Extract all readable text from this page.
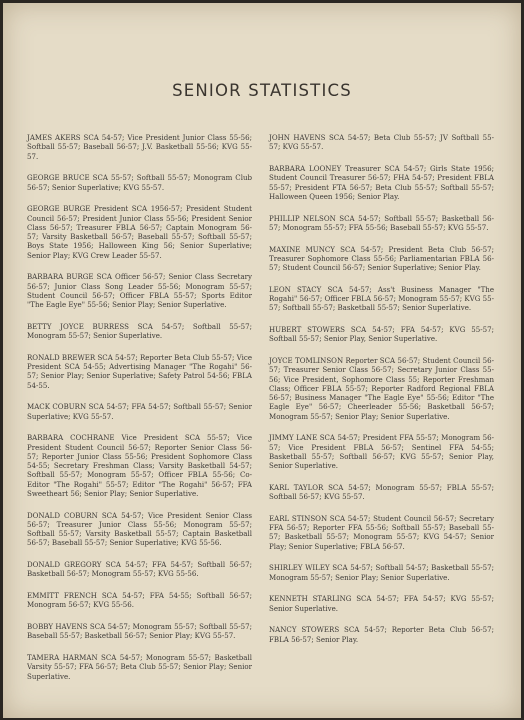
SENIOR STATISTICS

JAMES AKERS SCA 54-57; Vice President Junior Class 55-56; Softball 55-57; Baseball 56-57; J.V. Basketball 55-56; KVG 55-57.

GEORGE BRUCE SCA 55-57; Softball 55-57; Monogram Club 56-57; Senior Superlative; KVG 55-57.

GEORGE BURGE President SCA 1956-57; President Student Council 56-57; President Junior Class 55-56; President Senior Class 56-57; Treasurer FBLA 56-57; Captain Monogram 56-57; Varsity Basketball 56-57; Baseball 55-57; Softball 55-57; Boys State 1956; Halloween King 56; Senior Superlative; Senior Play; KVG Crew Leader 55-57.

BARBARA BURGE SCA Officer 56-57; Senior Class Secretary 56-57; Junior Class Song Leader 55-56; Monogram 55-57; Student Council 56-57; Officer FBLA 55-57; Sports Editor "The Eagle Eye" 55-56; Senior Play; Senior Superlative.

BETTY JOYCE BURRESS SCA 54-57; Softball 55-57; Monogram 55-57; Senior Superlative.

RONALD BREWER SCA 54-57; Reporter Beta Club 55-57; Vice President SCA 54-55; Advertising Manager "The Rogahi" 56-57; Senior Play; Senior Superlative; Safety Patrol 54-56; FBLA 54-55.

MACK COBURN SCA 54-57; FFA 54-57; Softball 55-57; Senior Superlative; KVG 55-57.

BARBARA COCHRANE Vice President SCA 55-57; Vice President Student Council 56-57; Reporter Senior Class 56-57; Reporter Junior Class 55-56; President Sophomore Class 54-55; Secretary Freshman Class; Varsity Basketball 54-57; Softball 55-57; Monogram 55-57; Officer FBLA 55-56; Co-Editor "The Rogahi" 55-57; Editor "The Rogahi" 56-57; FFA Sweetheart 56; Senior Play; Senior Superlative.

DONALD COBURN SCA 54-57; Vice President Senior Class 56-57; Treasurer Junior Class 55-56; Monogram 55-57; Softball 55-57; Varsity Basketball 55-57; Captain Basketball 56-57; Baseball 55-57; Senior Superlative; KVG 55-56.

DONALD GREGORY SCA 54-57; FFA 54-57; Softball 56-57; Basketball 56-57; Monogram 55-57; KVG 55-56.

EMMITT FRENCH SCA 54-57; FFA 54-55; Softball 56-57; Monogram 56-57; KVG 55-56.

BOBBY HAVENS SCA 54-57; Monogram 55-57; Softball 55-57; Baseball 55-57; Basketball 56-57; Senior Play; KVG 55-57.

TAMERA HARMAN SCA 54-57; Monogram 55-57; Basketball Varsity 55-57; FFA 56-57; Beta Club 55-57; Senior Play; Senior Superlative.

JOHN HAVENS SCA 54-57; Beta Club 55-57; JV Softball 55-57; KVG 55-57.

BARBARA LOONEY Treasurer SCA 54-57; Girls State 1956; Student Council Treasurer 56-57; FHA 54-57; President FBLA 55-57; President FTA 56-57; Beta Club 55-57; Softball 55-57; Halloween Queen 1956; Senior Play.

PHILLIP NELSON SCA 54-57; Softball 55-57; Basketball 56-57; Monogram 55-57; FFA 55-56; Baseball 55-57; KVG 55-57.

MAXINE MUNCY SCA 54-57; President Beta Club 56-57; Treasurer Sophomore Class 55-56; Parliamentarian FBLA 56-57; Student Council 56-57; Senior Superlative; Senior Play.

LEON STACY SCA 54-57; Ass't Business Manager "The Rogahi" 56-57; Officer FBLA 56-57; Monogram 55-57; KVG 55-57; Softball 55-57; Basketball 55-57; Senior Superlative.

HUBERT STOWERS SCA 54-57; FFA 54-57; KVG 55-57; Softball 55-57; Senior Play, Senior Superlative.

JOYCE TOMLINSON Reporter SCA 56-57; Student Council 56-57; Treasurer Senior Class 56-57; Secretary Junior Class 55-56; Vice President, Sophomore Class 55; Reporter Freshman Class; Officer FBLA 55-57; Reporter Radford Regional FBLA 56-57; Business Manager "The Eagle Eye" 55-56; Editor "The Eagle Eye" 56-57; Cheerleader 55-56; Basketball 56-57; Monogram 55-57; Senior Play; Senior Superlative.

JIMMY LANE SCA 54-57; President FFA 55-57; Monogram 56-57; Vice President FBLA 56-57; Sentinel FFA 54-55; Basketball 55-57; Softball 56-57; KVG 55-57; Senior Play, Senior Superlative.

KARL TAYLOR SCA 54-57; Monogram 55-57; FBLA 55-57; Softball 56-57; KVG 55-57.

EARL STINSON SCA 54-57; Student Council 56-57; Secretary FFA 56-57; Reporter FFA 55-56; Softball 55-57; Baseball 55-57; Basketball 55-57; Monogram 55-57; KVG 54-57; Senior Play; Senior Superlative; FBLA 56-57.

SHIRLEY WILEY SCA 54-57; Softball 54-57; Basketball 55-57; Monogram 55-57; Senior Play; Senior Superlative.

KENNETH STARLING SCA 54-57; FFA 54-57; KVG 55-57; Senior Superlative.

NANCY STOWERS SCA 54-57; Reporter Beta Club 56-57; FBLA 56-57; Senior Play.
